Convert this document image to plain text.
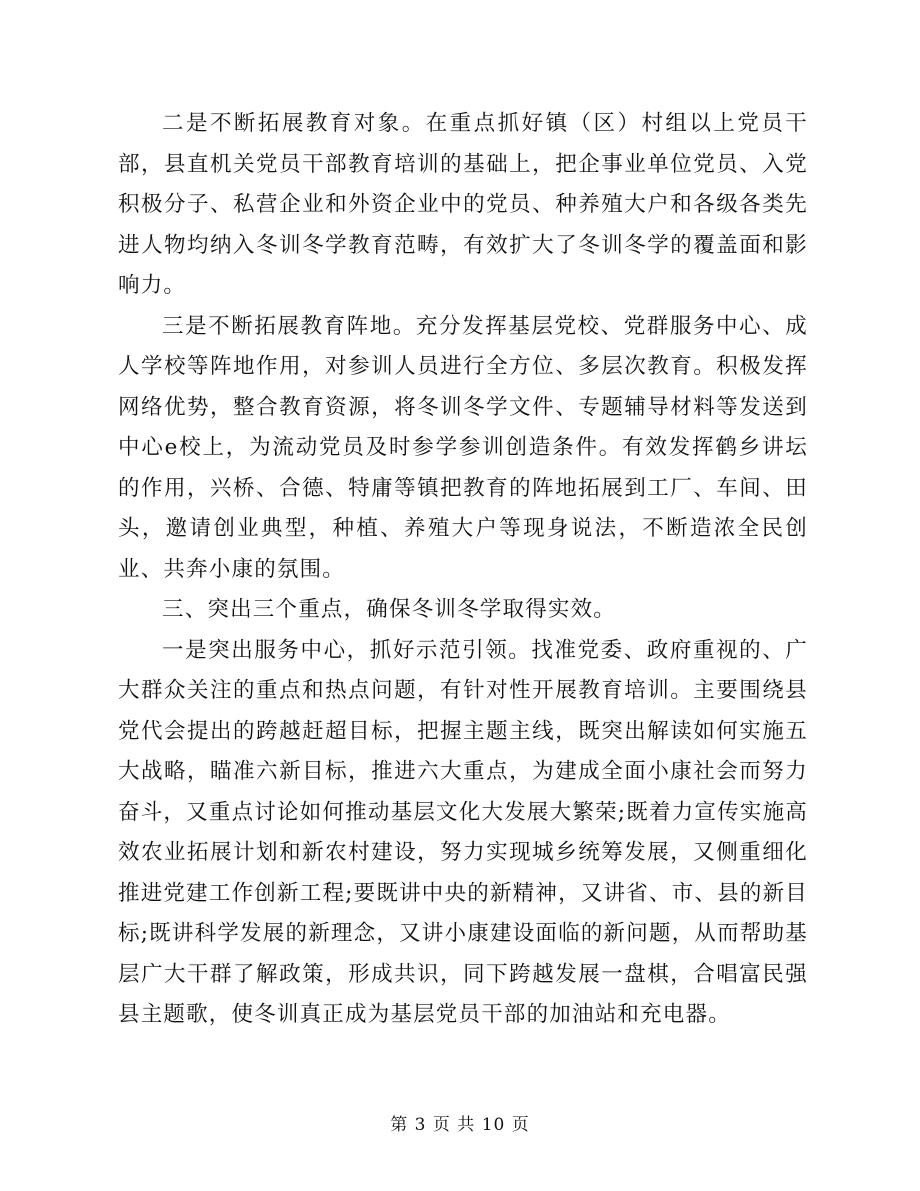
二是不断拓展教育对象。在重点抓好镇（区）村组以上党员干部，县直机关党员干部教育培训的基础上，把企事业单位党员、入党积极分子、私营企业和外资企业中的党员、种养殖大户和各级各类先进人物均纳入冬训冬学教育范畴，有效扩大了冬训冬学的覆盖面和影响力。

三是不断拓展教育阵地。充分发挥基层党校、党群服务中心、成人学校等阵地作用，对参训人员进行全方位、多层次教育。积极发挥网络优势，整合教育资源，将冬训冬学文件、专题辅导材料等发送到中心e校上，为流动党员及时参学参训创造条件。有效发挥鹤乡讲坛的作用，兴桥、合德、特庸等镇把教育的阵地拓展到工厂、车间、田头，邀请创业典型，种植、养殖大户等现身说法，不断造浓全民创业、共奔小康的氛围。

三、突出三个重点，确保冬训冬学取得实效。

一是突出服务中心，抓好示范引领。找准党委、政府重视的、广大群众关注的重点和热点问题，有针对性开展教育培训。主要围绕县党代会提出的跨越赶超目标，把握主题主线，既突出解读如何实施五大战略，瞄准六新目标，推进六大重点，为建成全面小康社会而努力奋斗，又重点讨论如何推动基层文化大发展大繁荣;既着力宣传实施高效农业拓展计划和新农村建设，努力实现城乡统筹发展，又侧重细化推进党建工作创新工程;要既讲中央的新精神，又讲省、市、县的新目标;既讲科学发展的新理念，又讲小康建设面临的新问题，从而帮助基层广大干群了解政策，形成共识，同下跨越发展一盘棋，合唱富民强县主题歌，使冬训真正成为基层党员干部的加油站和充电器。

第 3 页 共 10 页
